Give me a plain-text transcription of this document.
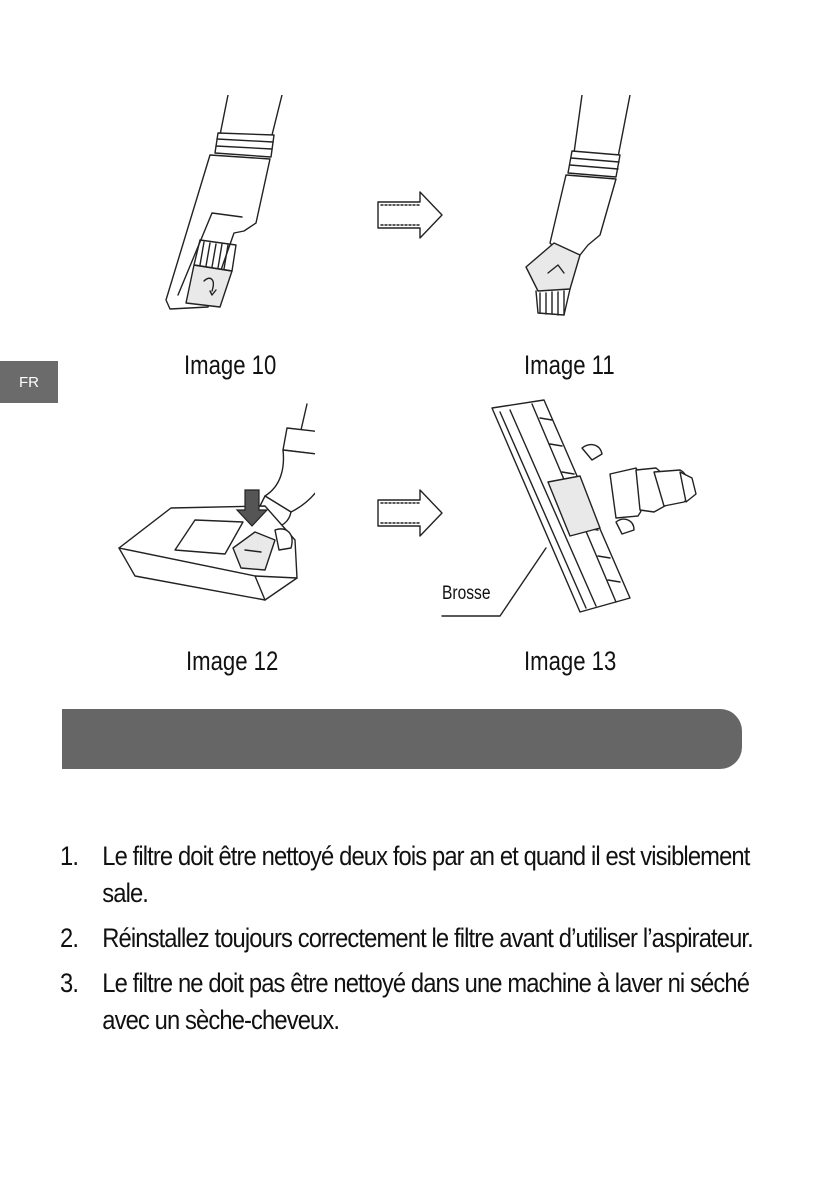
FR
Image 10	Image 11
Brosse
Image 12	Image 13
1. Le filtre doit être nettoyé deux fois par an et quand il est visiblement sale.
2. Réinstallez toujours correctement le filtre avant d’utiliser l’aspirateur.
3. Le filtre ne doit pas être nettoyé dans une machine à laver ni séché avec un sèche-cheveux.
